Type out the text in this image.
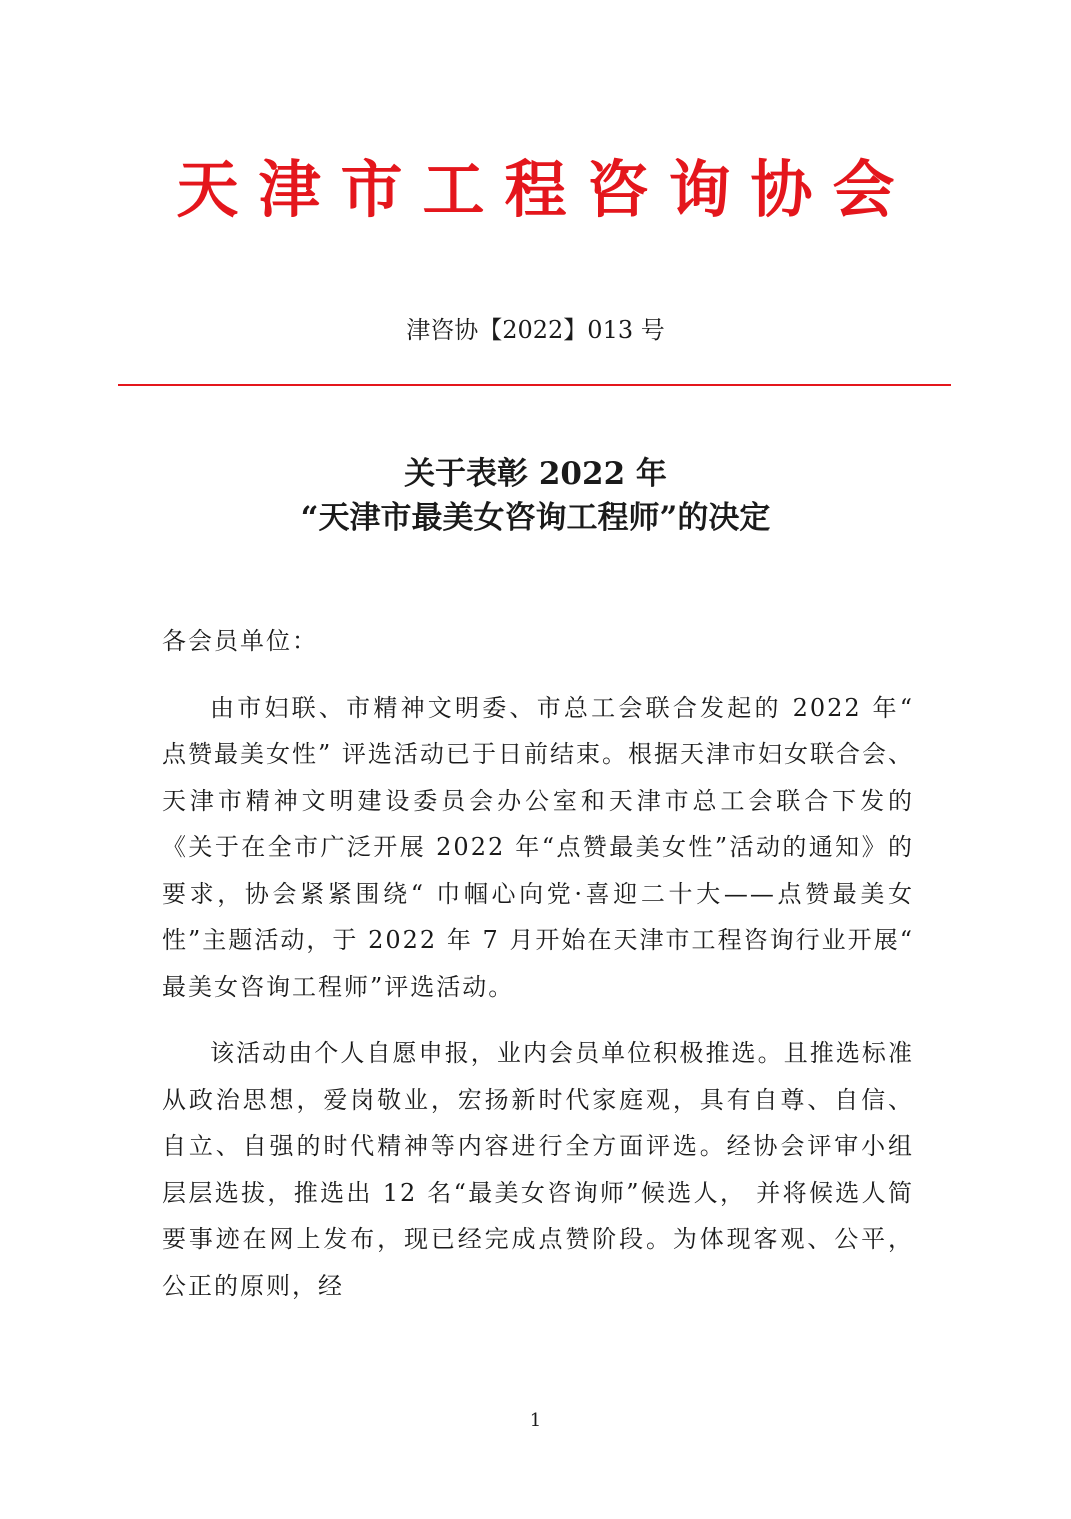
天津市工程咨询协会
津咨协【2022】013 号
关于表彰 2022 年
“天津市最美女咨询工程师”的决定
各会员单位：
由市妇联、市精神文明委、市总工会联合发起的 2022 年“ 点赞最美女性” 评选活动已于日前结束。根据天津市妇女联合会、天津市精神文明建设委员会办公室和天津市总工会联合下发的《关于在全市广泛开展 2022 年“点赞最美女性”活动的通知》的要求，协会紧紧围绕“ 巾帼心向党·喜迎二十大——点赞最美女性”主题活动，于 2022 年 7 月开始在天津市工程咨询行业开展“ 最美女咨询工程师”评选活动。
该活动由个人自愿申报，业内会员单位积极推选。且推选标准从政治思想，爱岗敬业，宏扬新时代家庭观，具有自尊、自信、自立、自强的时代精神等内容进行全方面评选。经协会评审小组层层选拔，推选出 12 名“最美女咨询师”候选人， 并将候选人简要事迹在网上发布，现已经完成点赞阶段。为体现客观、公平，公正的原则，经
1
